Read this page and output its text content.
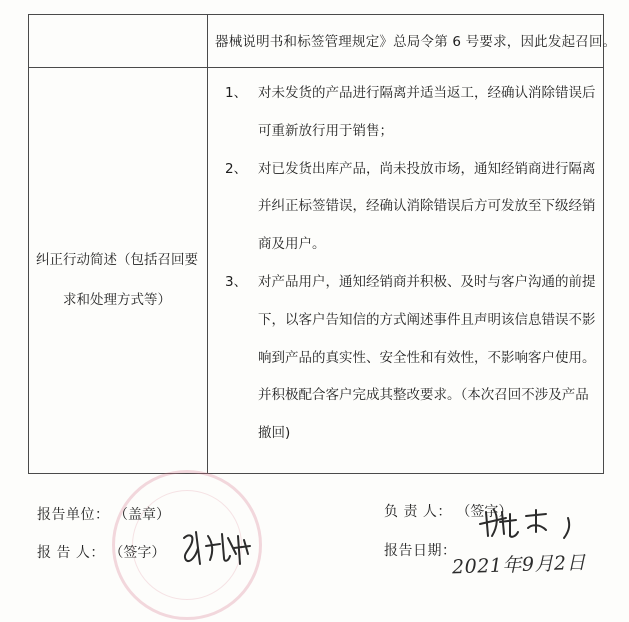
器械说明书和标签管理规定》总局令第 6 号要求，因此发起召回。
纠正行动简述（包括召回要
求和处理方式等）
1、 对未发货的产品进行隔离并适当返工，经确认消除错误后
可重新放行用于销售；
2、 对已发货出库产品，尚未投放市场，通知经销商进行隔离
并纠正标签错误，经确认消除错误后方可发放至下级经销
商及用户。
3、 对产品用户，通知经销商并积极、及时与客户沟通的前提
下，以客户告知信的方式阐述事件且声明该信息错误不影
响到产品的真实性、安全性和有效性，不影响客户使用。
并积极配合客户完成其整改要求。（本次召回不涉及产品
撤回)
报告单位： （盖章）
报 告 人： （签字）
负 责 人： （签字）
报告日期：
2021年9月2日
